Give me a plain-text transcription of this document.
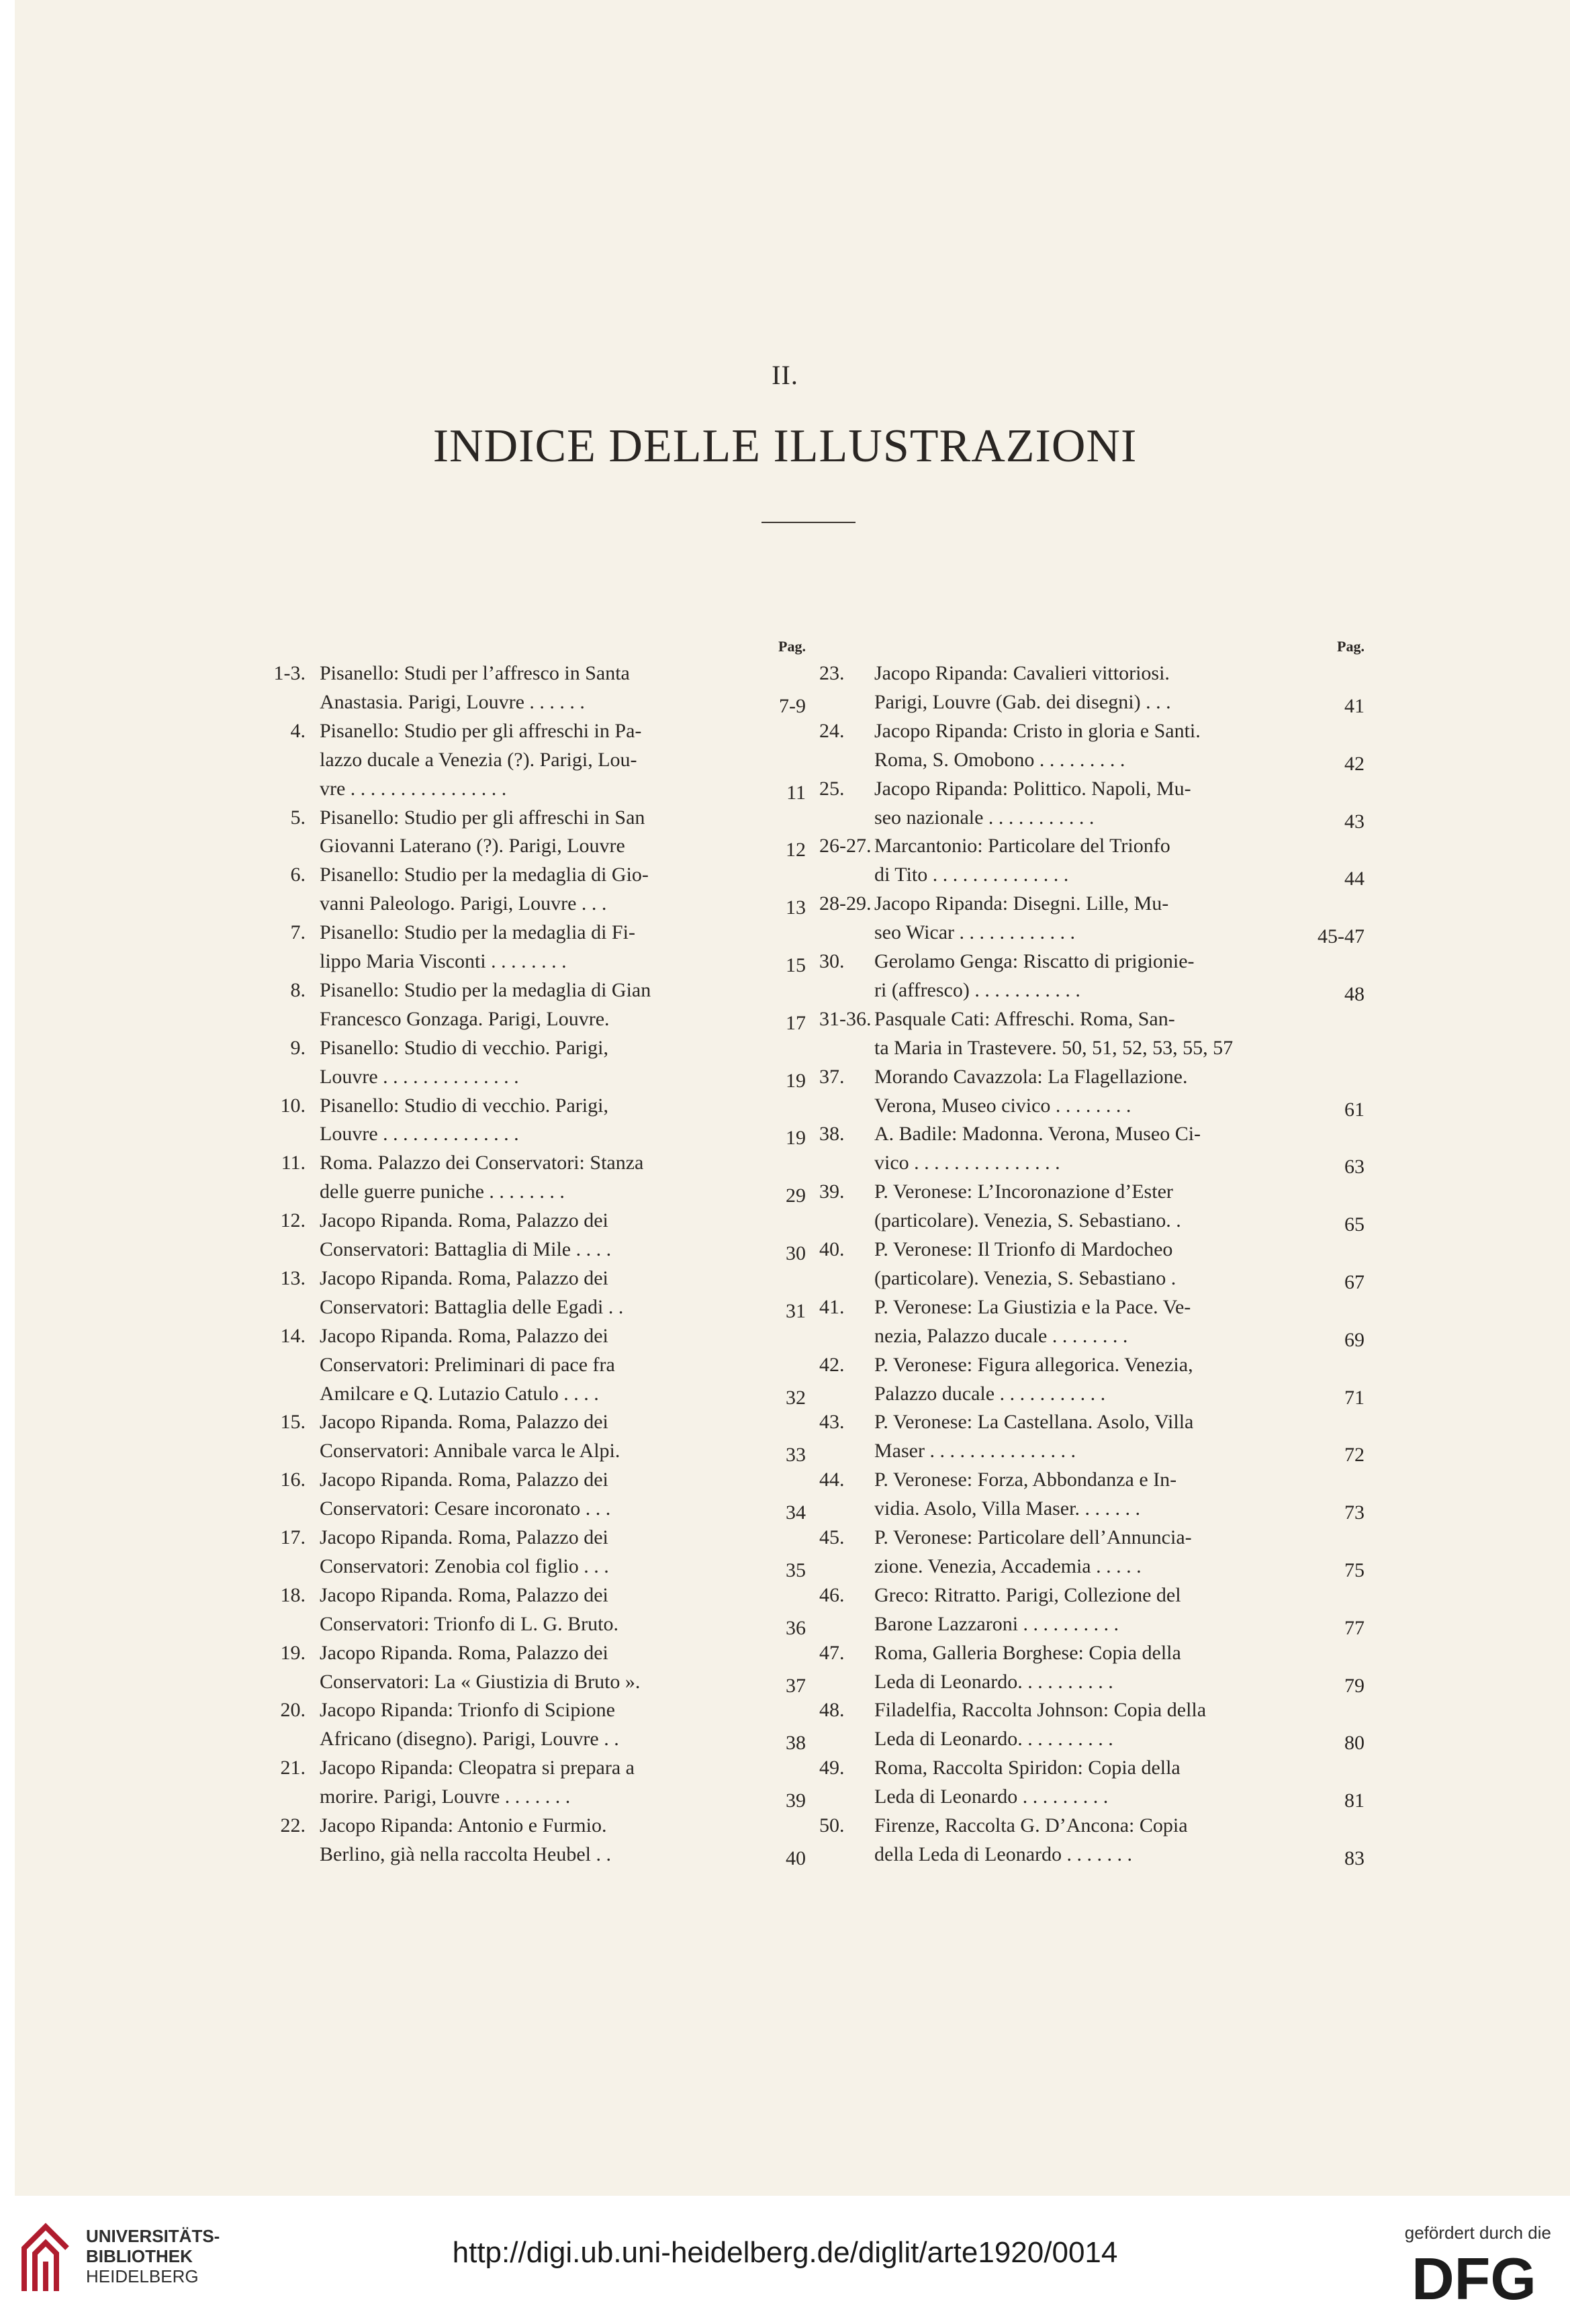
II.
INDICE DELLE ILLUSTRAZIONI
Pag.
1-3. Pisanello: Studi per l’affresco in Santa
Anastasia. Parigi, Louvre . . . . . .	7-9
4. Pisanello: Studio per gli affreschi in Pa-
lazzo ducale a Venezia (?). Parigi, Lou-
vre . . . . . . . . . . . . . . . .	11
5. Pisanello: Studio per gli affreschi in San
Giovanni Laterano (?). Parigi, Louvre	12
6. Pisanello: Studio per la medaglia di Gio-
vanni Paleologo. Parigi, Louvre . . .	13
7. Pisanello: Studio per la medaglia di Fi-
lippo Maria Visconti . . . . . . . .	15
8. Pisanello: Studio per la medaglia di Gian
Francesco Gonzaga. Parigi, Louvre.	17
9. Pisanello: Studio di vecchio. Parigi,
Louvre . . . . . . . . . . . . . .	19
10. Pisanello: Studio di vecchio. Parigi,
Louvre . . . . . . . . . . . . . .	19
11. Roma. Palazzo dei Conservatori: Stanza
delle guerre puniche . . . . . . . .	29
12. Jacopo Ripanda. Roma, Palazzo dei
Conservatori: Battaglia di Mile . . . .	30
13. Jacopo Ripanda. Roma, Palazzo dei
Conservatori: Battaglia delle Egadi . .	31
14. Jacopo Ripanda. Roma, Palazzo dei
Conservatori: Preliminari di pace fra
Amilcare e Q. Lutazio Catulo . . . .	32
15. Jacopo Ripanda. Roma, Palazzo dei
Conservatori: Annibale varca le Alpi.	33
16. Jacopo Ripanda. Roma, Palazzo dei
Conservatori: Cesare incoronato . . .	34
17. Jacopo Ripanda. Roma, Palazzo dei
Conservatori: Zenobia col figlio . . .	35
18. Jacopo Ripanda. Roma, Palazzo dei
Conservatori: Trionfo di L. G. Bruto.	36
19. Jacopo Ripanda. Roma, Palazzo dei
Conservatori: La « Giustizia di Bruto ».	37
20. Jacopo Ripanda: Trionfo di Scipione
Africano (disegno). Parigi, Louvre . .	38
21. Jacopo Ripanda: Cleopatra si prepara a
morire. Parigi, Louvre . . . . . . .	39
22. Jacopo Ripanda: Antonio e Furmio.
Berlino, già nella raccolta Heubel . .	40
Pag.
23.	Jacopo Ripanda: Cavalieri vittoriosi.
Parigi, Louvre (Gab. dei disegni) . . .	41
24.	Jacopo Ripanda: Cristo in gloria e Santi.
Roma, S. Omobono . . . . . . . . .	42
25.	Jacopo Ripanda: Polittico. Napoli, Mu-
seo nazionale . . . . . . . . . . .	43
26-27. Marcantonio: Particolare del Trionfo
di Tito . . . . . . . . . . . . . .	44
28-29. Jacopo Ripanda: Disegni. Lille, Mu-
seo Wicar . . . . . . . . . . . .	45-47
30.	Gerolamo Genga: Riscatto di prigionie-
ri (affresco) . . . . . . . . . . .	48
31-36. Pasquale Cati: Affreschi. Roma, San-
ta Maria in Trastevere. 50, 51, 52, 53, 55, 57
37.	Morando Cavazzola: La Flagellazione.
Verona, Museo civico . . . . . . . .	61
38.	A. Badile: Madonna. Verona, Museo Ci-
vico . . . . . . . . . . . . . . .	63
39.	P. Veronese: L’Incoronazione d’Ester
(particolare). Venezia, S. Sebastiano. .	65
40.	P. Veronese: Il Trionfo di Mardocheo
(particolare). Venezia, S. Sebastiano .	67
41.	P. Veronese: La Giustizia e la Pace. Ve-
nezia, Palazzo ducale . . . . . . . .	69
42.	P. Veronese: Figura allegorica. Venezia,
Palazzo ducale . . . . . . . . . . .	71
43.	P. Veronese: La Castellana. Asolo, Villa
Maser . . . . . . . . . . . . . . .	72
44.	P. Veronese: Forza, Abbondanza e In-
vidia. Asolo, Villa Maser. . . . . . .	73
45.	P. Veronese: Particolare dell’Annuncia-
zione. Venezia, Accademia . . . . .	75
46.	Greco: Ritratto. Parigi, Collezione del
Barone Lazzaroni . . . . . . . . . .	77
47.	Roma, Galleria Borghese: Copia della
Leda di Leonardo. . . . . . . . . .	79
48.	Filadelfia, Raccolta Johnson: Copia della
Leda di Leonardo. . . . . . . . . .	80
49.	Roma, Raccolta Spiridon: Copia della
Leda di Leonardo . . . . . . . . .	81
50.	Firenze, Raccolta G. D’Ancona: Copia
della Leda di Leonardo . . . . . . .	83
UNIVERSITÄTS-
BIBLIOTHEK
HEIDELBERG
http://digi.ub.uni-heidelberg.de/diglit/arte1920/0014
gefördert durch die
DFG
